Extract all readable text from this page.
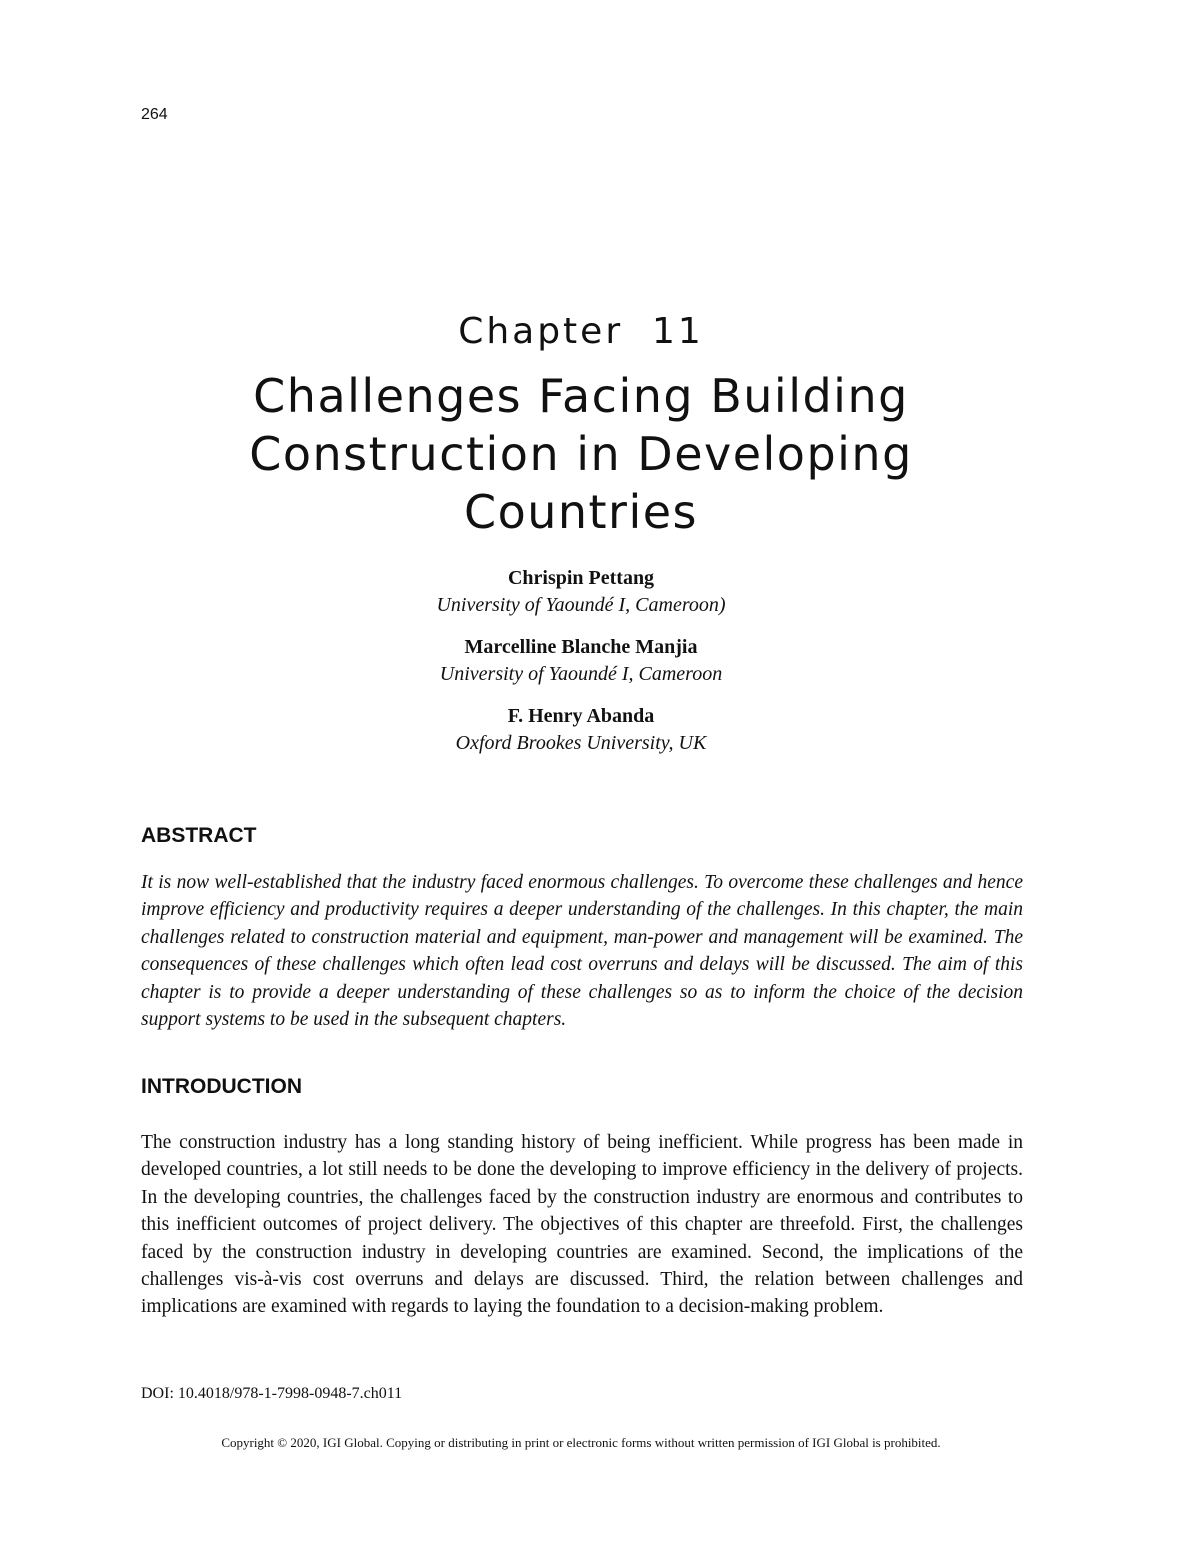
264
Chapter  11
Challenges Facing Building Construction in Developing Countries
Chrispin Pettang
University of Yaoundé I, Cameroon)
Marcelline Blanche Manjia
University of Yaoundé I, Cameroon
F. Henry Abanda
Oxford Brookes University, UK
ABSTRACT

It is now well-established that the industry faced enormous challenges. To overcome these challenges and hence improve efficiency and productivity requires a deeper understanding of the challenges. In this chapter, the main challenges related to construction material and equipment, man-power and management will be examined. The consequences of these challenges which often lead cost overruns and delays will be discussed. The aim of this chapter is to provide a deeper understanding of these challenges so as to inform the choice of the decision support systems to be used in the subsequent chapters.

INTRODUCTION

The construction industry has a long standing history of being inefficient. While progress has been made in developed countries, a lot still needs to be done the developing to improve efficiency in the delivery of projects. In the developing countries, the challenges faced by the construction industry are enormous and contributes to this inefficient outcomes of project delivery. The objectives of this chapter are threefold. First, the challenges faced by the construction industry in developing countries are examined. Second, the implications of the challenges vis-à-vis cost overruns and delays are discussed. Third, the relation between challenges and implications are examined with regards to laying the foundation to a decision-making problem.

DOI: 10.4018/978-1-7998-0948-7.ch011
Copyright © 2020, IGI Global. Copying or distributing in print or electronic forms without written permission of IGI Global is prohibited.
